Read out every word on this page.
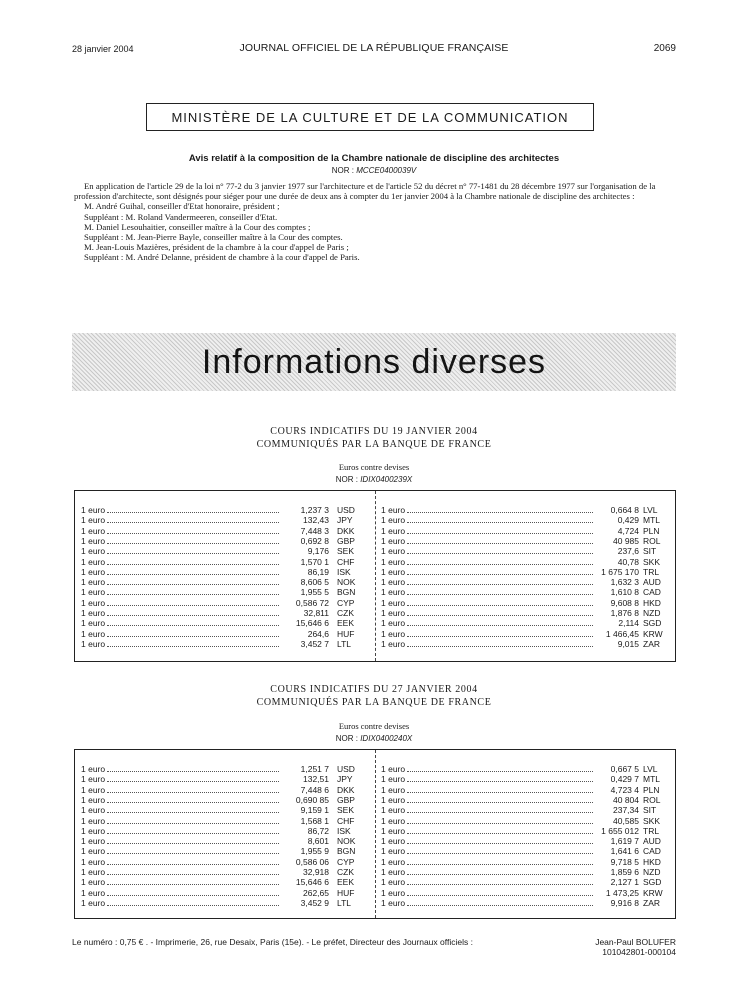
28 janvier 2004	JOURNAL OFFICIEL DE LA RÉPUBLIQUE FRANÇAISE	2069
MINISTÈRE DE LA CULTURE ET DE LA COMMUNICATION
Avis relatif à la composition de la Chambre nationale de discipline des architectes
NOR : MCCE0400039V

En application de l'article 29 de la loi n° 77-2 du 3 janvier 1977 sur l'architecture et de l'article 52 du décret n° 77-1481 du 28 décembre 1977 sur l'organisation de la profession d'architecte, sont désignés pour siéger pour une durée de deux ans à compter du 1er janvier 2004 à la Chambre nationale de discipline des architectes :

M. André Guihal, conseiller d'Etat honoraire, président ;

Suppléant : M. Roland Vandermeeren, conseiller d'Etat.

M. Daniel Lesouhaitier, conseiller maître à la Cour des comptes ;

Suppléant : M. Jean-Pierre Bayle, conseiller maître à la Cour des comptes.

M. Jean-Louis Mazières, président de la chambre à la cour d'appel de Paris ;

Suppléant : M. André Delanne, président de chambre à la cour d'appel de Paris.

Informations diverses
COURS INDICATIFS DU 19 JANVIER 2004
COMMUNIQUÉS PAR LA BANQUE DE FRANCE
Euros contre devises
NOR : IDIX0400239X
1 euro	1,237 3 USD
1 euro	132,43 JPY
1 euro	7,448 3 DKK
1 euro	0,692 8 GBP
1 euro	9,176 SEK
1 euro	1,570 1 CHF
1 euro	86,19 ISK
1 euro	8,606 5 NOK
1 euro	1,955 5 BGN
1 euro	0,586 72 CYP
1 euro	32,811 CZK
1 euro	15,646 6 EEK
1 euro	264,6 HUF
1 euro	3,452 7 LTL
1 euro	0,664 8 LVL
1 euro	0,429 MTL
1 euro	4,724 PLN
1 euro	40 985 ROL
1 euro	237,6 SIT
1 euro	40,78 SKK
1 euro	1 675 170 TRL
1 euro	1,632 3 AUD
1 euro	1,610 8 CAD
1 euro	9,608 8 HKD
1 euro	1,876 8 NZD
1 euro	2,114 SGD
1 euro	1 466,45 KRW
1 euro	9,015 ZAR
COURS INDICATIFS DU 27 JANVIER 2004
COMMUNIQUÉS PAR LA BANQUE DE FRANCE
Euros contre devises
NOR : IDIX0400240X
1 euro	1,251 7 USD
1 euro	132,51 JPY
1 euro	7,448 6 DKK
1 euro	0,690 85 GBP
1 euro	9,159 1 SEK
1 euro	1,568 1 CHF
1 euro	86,72 ISK
1 euro	8,601 NOK
1 euro	1,955 9 BGN
1 euro	0,586 06 CYP
1 euro	32,918 CZK
1 euro	15,646 6 EEK
1 euro	262,65 HUF
1 euro	3,452 9 LTL
1 euro	0,667 5 LVL
1 euro	0,429 7 MTL
1 euro	4,723 4 PLN
1 euro	40 804 ROL
1 euro	237,34 SIT
1 euro	40,585 SKK
1 euro	1 655 012 TRL
1 euro	1,619 7 AUD
1 euro	1,641 6 CAD
1 euro	9,718 5 HKD
1 euro	1,859 6 NZD
1 euro	2,127 1 SGD
1 euro	1 473,25 KRW
1 euro	9,916 8 ZAR
Le numéro : 0,75 € . - Imprimerie, 26, rue Desaix, Paris (15e). - Le préfet, Directeur des Journaux officiels :	Jean-Paul BOLUFER
101042801-000104
